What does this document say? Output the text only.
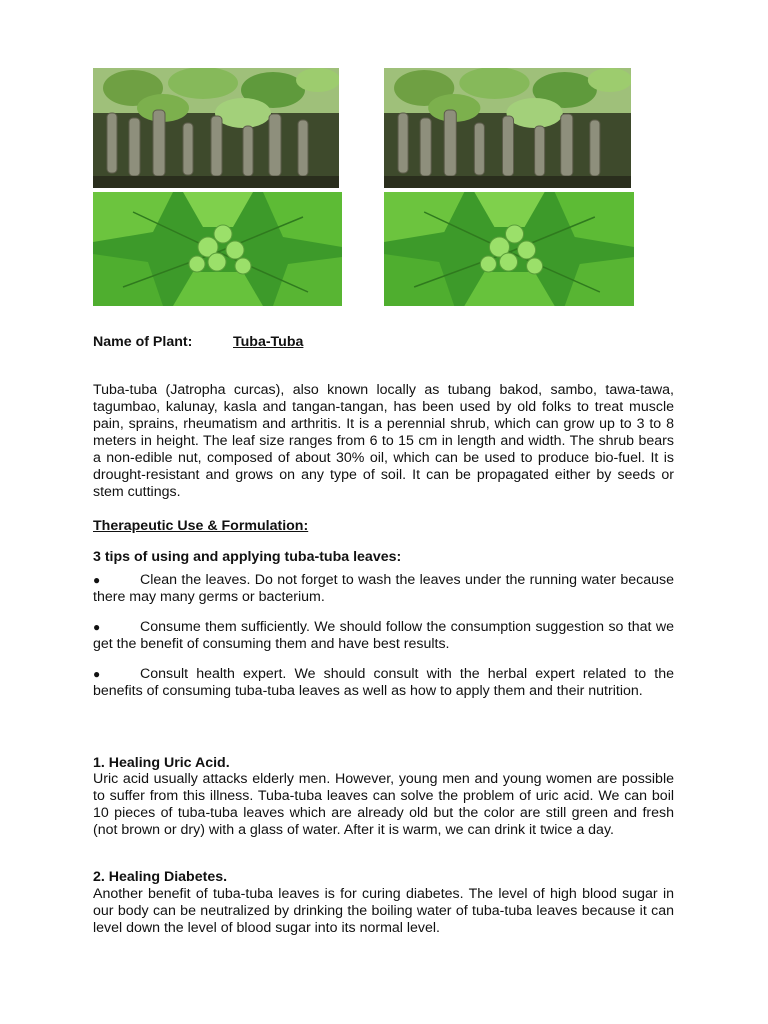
Name of Plant:	Tuba-Tuba
Tuba-tuba (Jatropha curcas), also known locally as tubang bakod, sambo, tawa-tawa, tagumbao, kalunay, kasla and tangan-tangan, has been used by old folks to treat muscle pain, sprains, rheumatism and arthritis. It is a perennial shrub, which can grow up to 3 to 8 meters in height. The leaf size ranges from 6 to 15 cm in length and width. The shrub bears a non-edible nut, composed of about 30% oil, which can be used to produce bio-fuel. It is drought-resistant and grows on any type of soil. It can be propagated either by seeds or stem cuttings.
Therapeutic Use & Formulation:
3 tips of using and applying tuba-tuba leaves:
●	Clean the leaves. Do not forget to wash the leaves under the running water because there may many germs or bacterium.
●	Consume them sufficiently. We should follow the consumption suggestion so that we get the benefit of consuming them and have best results.
●	Consult health expert. We should consult with the herbal expert related to the benefits of consuming tuba-tuba leaves as well as how to apply them and their nutrition.
1. Healing Uric Acid.
Uric acid usually attacks elderly men. However, young men and young women are possible to suffer from this illness. Tuba-tuba leaves can solve the problem of uric acid. We can boil 10 pieces of tuba-tuba leaves which are already old but the color are still green and fresh (not brown or dry) with a glass of water. After it is warm, we can drink it twice a day.
2. Healing Diabetes.
Another benefit of tuba-tuba leaves is for curing diabetes. The level of high blood sugar in our body can be neutralized by drinking the boiling water of tuba-tuba leaves because it can level down the level of blood sugar into its normal level.
